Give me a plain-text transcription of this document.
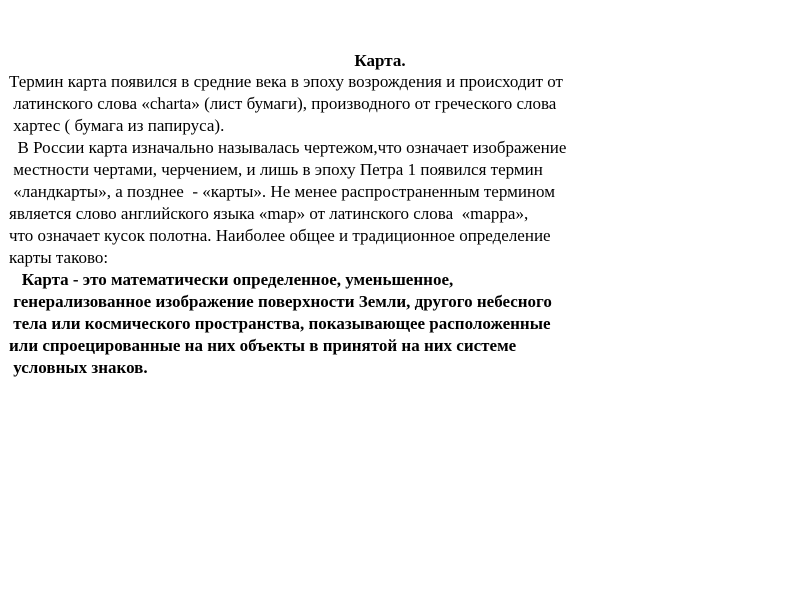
Карта.
Термин карта появился в средние века в эпоху возрождения и происходит от
латинского слова «charta» (лист бумаги), производного от греческого слова
хартес ( бумага из папируса).
В России карта изначально называлась чертежом,что означает изображение
местности чертами, черчением, и лишь в эпоху Петра 1 появился термин
«ландкарты», а позднее  - «карты». Не менее распространенным термином
является слово английского языка «map» от латинского слова  «mappa»,
что означает кусок полотна. Наиболее общее и традиционное определение
карты таково:
Карта - это математически определенное, уменьшенное,
генерализованное изображение поверхности Земли, другого небесного
тела или космического пространства, показывающее расположенные
или спроецированные на них объекты в принятой на них системе
условных знаков.
